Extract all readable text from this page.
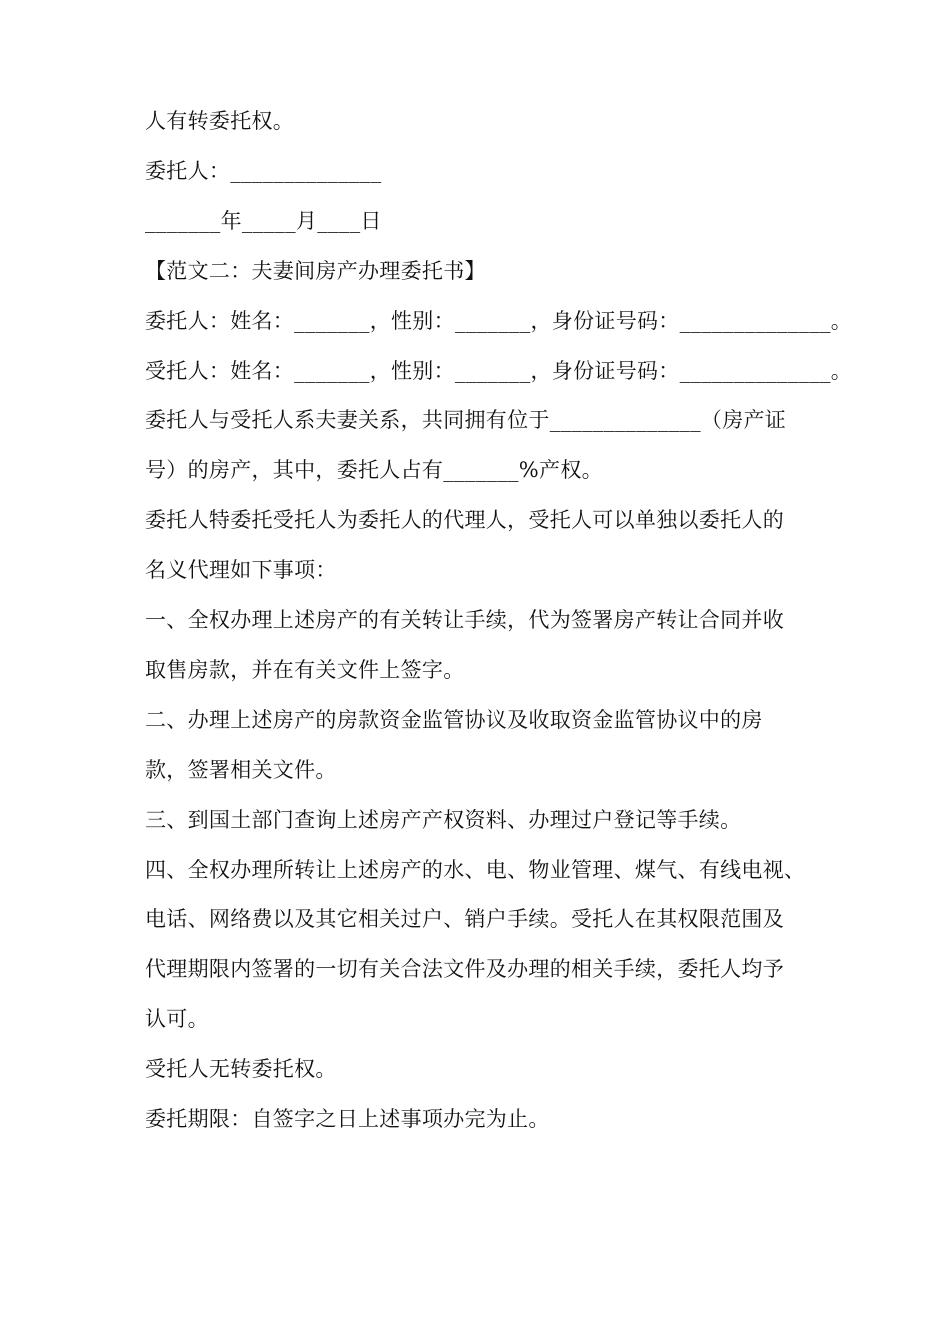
人有转委托权。
委托人：______________
_______年_____月____日
【范文二：夫妻间房产办理委托书】
委托人：姓名：_______，性别：_______，身份证号码：______________。
受托人：姓名：_______，性别：_______，身份证号码：______________。
委托人与受托人系夫妻关系，共同拥有位于______________（房产证
号）的房产，其中，委托人占有_______%产权。
委托人特委托受托人为委托人的代理人，受托人可以单独以委托人的
名义代理如下事项：
一、全权办理上述房产的有关转让手续，代为签署房产转让合同并收
取售房款，并在有关文件上签字。
二、办理上述房产的房款资金监管协议及收取资金监管协议中的房
款，签署相关文件。
三、到国土部门查询上述房产产权资料、办理过户登记等手续。
四、全权办理所转让上述房产的水、电、物业管理、煤气、有线电视、
电话、网络费以及其它相关过户、销户手续。受托人在其权限范围及
代理期限内签署的一切有关合法文件及办理的相关手续，委托人均予
认可。
受托人无转委托权。
委托期限：自签字之日上述事项办完为止。
